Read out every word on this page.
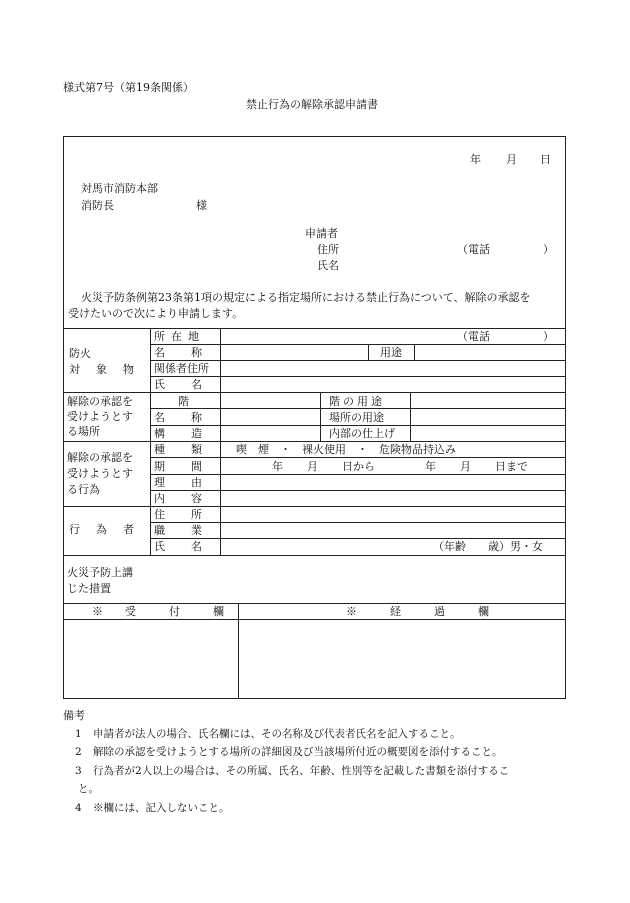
様式第7号（第19条関係）
禁止行為の解除承認申請書
年 月 日
対馬市消防本部
消防長	様
申請者
住所	（電話	）
氏名
火災予防条例第23条第1項の規定による指定場所における禁止行為について、解除の承認を
受けたいので次により申請します。
防火
対象物
所在地	（電話	）
名称	用途
関係者住所
氏名
解除の承認を
受けようとす
る場所
階	階の用途
名称	場所の用途
構造	内部の仕上げ
解除の承認を
受けようとす
る行為
種類 喫　煙　・　裸火使用　・　危険物品持込み
期間	年 月 日から	年 月 日まで
理由
内容
行為者
住所
職業
氏名	（年齢　　歳）男・女
火災予防上講
じた措置
※　　受　　　付　　　欄	※　　　経　　　過　　　欄
備考
1 申請者が法人の場合、氏名欄には、その名称及び代表者氏名を記入すること。
2 解除の承認を受けようとする場所の詳細図及び当該場所付近の概要図を添付すること。
3 行為者が2人以上の場合は、その所属、氏名、年齢、性別等を記載した書類を添付するこ
と。
4 ※欄には、記入しないこと。
